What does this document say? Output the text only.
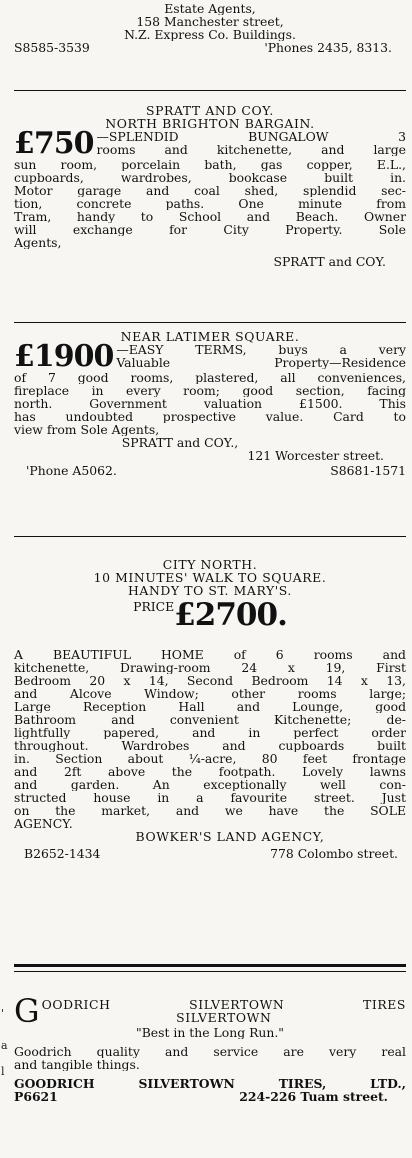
Estate Agents,
158 Manchester street,
N.Z. Express Co. Buildings.
S8585-3539	'Phones 2435, 8313.
SPRATT AND COY.
NORTH BRIGHTON BARGAIN.
£750 —SPLENDID BUNGALOW 3
rooms and kitchenette, and large
sun room, porcelain bath, gas copper, E.L.,
cupboards, wardrobes, bookcase built in.
Motor garage and coal shed, splendid sec-
tion, concrete paths. One minute from
Tram, handy to School and Beach. Owner
will exchange for City Property. Sole
Agents,
SPRATT and COY.
NEAR LATIMER SQUARE.
£1900 —EASY TERMS, buys a very
Valuable Property—Residence
of 7 good rooms, plastered, all conveniences,
fireplace in every room; good section, facing
north. Government valuation £1500. This
has undoubted prospective value. Card to
view from Sole Agents,
SPRATT and COY.,
121 Worcester street.
'Phone A5062.	S8681-1571
CITY NORTH.
10 MINUTES' WALK TO SQUARE.
HANDY TO ST. MARY'S.
PRICE£2700.
A BEAUTIFUL HOME of 6 rooms and
kitchenette, Drawing-room 24 x 19, First
Bedroom 20 x 14, Second Bedroom 14 x 13,
and Alcove Window; other rooms large;
Large Reception Hall and Lounge, good
Bathroom and convenient Kitchenette; de-
lightfully papered, and in perfect order
throughout. Wardrobes and cupboards built
in. Section about ¼-acre, 80 feet frontage
and 2ft above the footpath. Lovely lawns
and garden. An exceptionally well con-
structed house in a favourite street. Just
on the market, and we have the SOLE
AGENCY.
BOWKER'S LAND AGENCY,
B2652-1434	778 Colombo street.
G OODRICH SILVERTOWN TIRES
SILVERTOWN
"Best in the Long Run."
Goodrich quality and service are very real
and tangible things.
GOODRICH SILVERTOWN TIRES, LTD.,
P6621	224-226 Tuam street.
'
a
l
